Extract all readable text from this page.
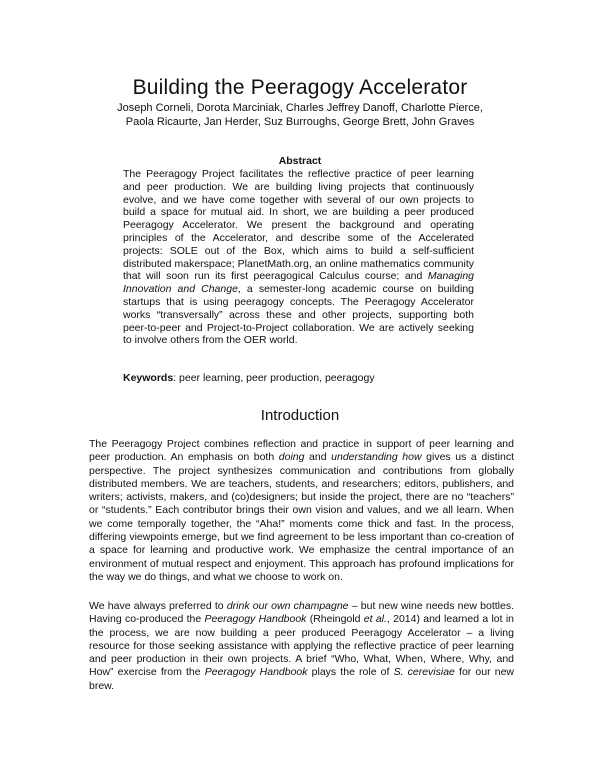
Building the Peeragogy Accelerator
Joseph Corneli, Dorota Marciniak, Charles Jeffrey Danoff, Charlotte Pierce,
Paola Ricaurte, Jan Herder, Suz Burroughs, George Brett, John Graves
Abstract

The Peeragogy Project facilitates the reflective practice of peer learning and peer production. We are building living projects that continuously evolve, and we have come together with several of our own projects to build a space for mutual aid. In short, we are building a peer produced Peeragogy Accelerator. We present the background and operating principles of the Accelerator, and describe some of the Accelerated projects: SOLE out of the Box, which aims to build a self-sufficient distributed makerspace; PlanetMath.org, an online mathematics community that will soon run its first peeragogical Calculus course; and Managing Innovation and Change, a semester-long academic course on building startups that is using peeragogy concepts. The Peeragogy Accelerator works “transversally” across these and other projects, supporting both peer-to-peer and Project-to-Project collaboration. We are actively seeking to involve others from the OER world.

Keywords: peer learning, peer production, peeragogy

Introduction

The Peeragogy Project combines reflection and practice in support of peer learning and peer production. An emphasis on both doing and understanding how gives us a distinct perspective. The project synthesizes communication and contributions from globally distributed members. We are teachers, students, and researchers; editors, publishers, and writers; activists, makers, and (co)designers; but inside the project, there are no “teachers” or “students.” Each contributor brings their own vision and values, and we all learn. When we come temporally together, the “Aha!” moments come thick and fast. In the process, differing viewpoints emerge, but we find agreement to be less important than co-creation of a space for learning and productive work. We emphasize the central importance of an environment of mutual respect and enjoyment. This approach has profound implications for the way we do things, and what we choose to work on.

We have always preferred to drink our own champagne – but new wine needs new bottles. Having co-produced the Peeragogy Handbook (Rheingold et al., 2014) and learned a lot in the process, we are now building a peer produced Peeragogy Accelerator – a living resource for those seeking assistance with applying the reflective practice of peer learning and peer production in their own projects. A brief “Who, What, When, Where, Why, and How” exercise from the Peeragogy Handbook plays the role of S. cerevisiae for our new brew.
